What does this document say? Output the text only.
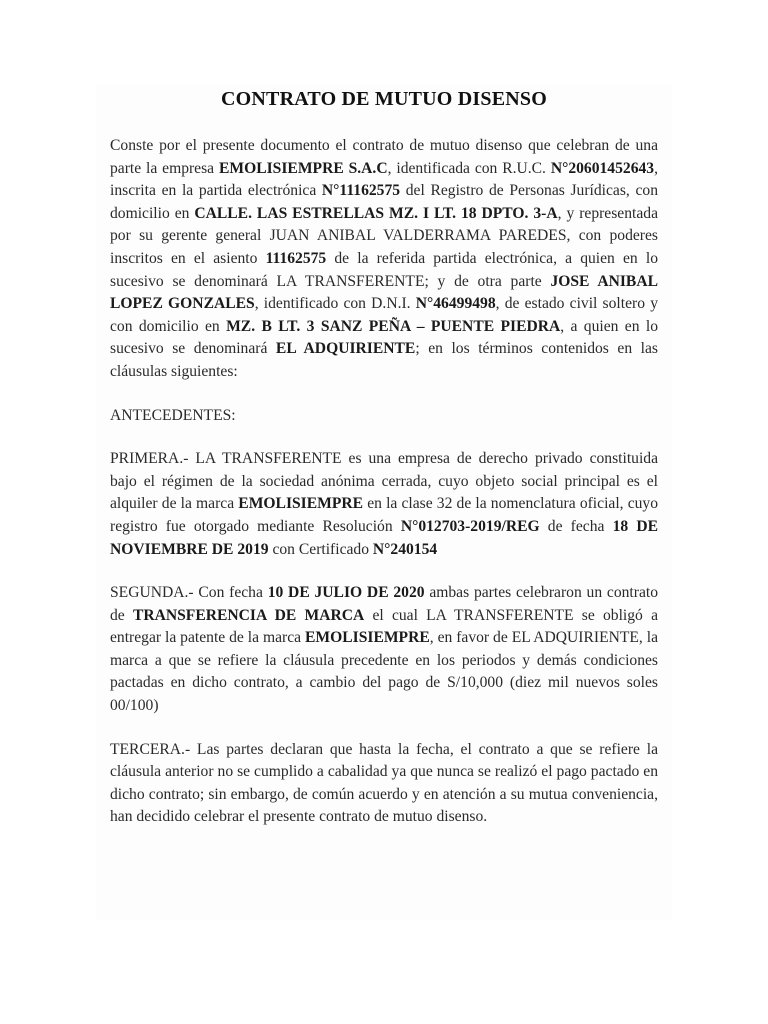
CONTRATO DE MUTUO DISENSO

Conste por el presente documento el contrato de mutuo disenso que celebran de una parte la empresa EMOLISIEMPRE S.A.C, identificada con R.U.C. N°20601452643, inscrita en la partida electrónica N°11162575 del Registro de Personas Jurídicas, con domicilio en CALLE. LAS ESTRELLAS MZ. I LT. 18 DPTO. 3-A, y representada por su gerente general JUAN ANIBAL VALDERRAMA PAREDES, con poderes inscritos en el asiento 11162575 de la referida partida electrónica, a quien en lo sucesivo se denominará LA TRANSFERENTE; y de otra parte JOSE ANIBAL LOPEZ GONZALES, identificado con D.N.I. N°46499498, de estado civil soltero y con domicilio en MZ. B LT. 3 SANZ PEÑA – PUENTE PIEDRA, a quien en lo sucesivo se denominará EL ADQUIRIENTE; en los términos contenidos en las cláusulas siguientes:

ANTECEDENTES:

PRIMERA.- LA TRANSFERENTE es una empresa de derecho privado constituida bajo el régimen de la sociedad anónima cerrada, cuyo objeto social principal es el alquiler de la marca EMOLISIEMPRE en la clase 32 de la nomenclatura oficial, cuyo registro fue otorgado mediante Resolución N°012703-2019/REG de fecha 18 DE NOVIEMBRE DE 2019 con Certificado N°240154

SEGUNDA.- Con fecha 10 DE JULIO DE 2020 ambas partes celebraron un contrato de TRANSFERENCIA DE MARCA el cual LA TRANSFERENTE se obligó a entregar la patente de la marca EMOLISIEMPRE, en favor de EL ADQUIRIENTE, la marca a que se refiere la cláusula precedente en los periodos y demás condiciones pactadas en dicho contrato, a cambio del pago de S/10,000 (diez mil nuevos soles 00/100)

TERCERA.- Las partes declaran que hasta la fecha, el contrato a que se refiere la cláusula anterior no se cumplido a cabalidad ya que nunca se realizó el pago pactado en dicho contrato; sin embargo, de común acuerdo y en atención a su mutua conveniencia, han decidido celebrar el presente contrato de mutuo disenso.
